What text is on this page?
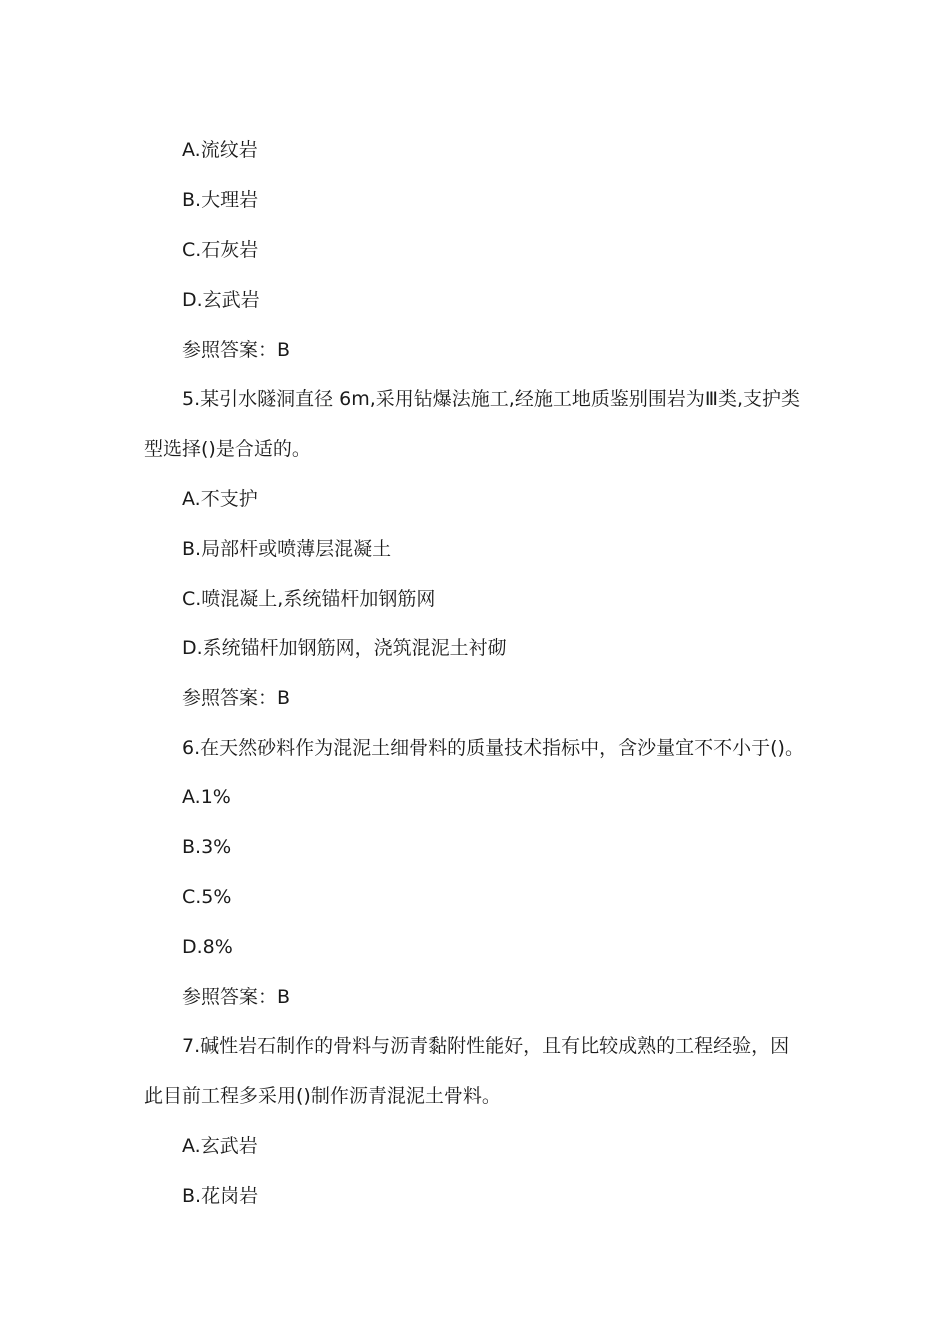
A.流纹岩
B.大理岩
C.石灰岩
D.玄武岩
参照答案：B
5.某引水隧洞直径 6m,采用钻爆法施工,经施工地质鉴别围岩为Ⅲ类,支护类
型选择()是合适的。
A.不支护
B.局部杆或喷薄层混凝土
C.喷混凝上,系统锚杆加钢筋网
D.系统锚杆加钢筋网，浇筑混泥土衬砌
参照答案：B
6.在天然砂料作为混泥土细骨料的质量技术指标中，含沙量宜不不小于()。
A.1%
B.3%
C.5%
D.8%
参照答案：B
7.碱性岩石制作的骨料与沥青黏附性能好，且有比较成熟的工程经验，因
此目前工程多采用()制作沥青混泥土骨料。
A.玄武岩
B.花岗岩
